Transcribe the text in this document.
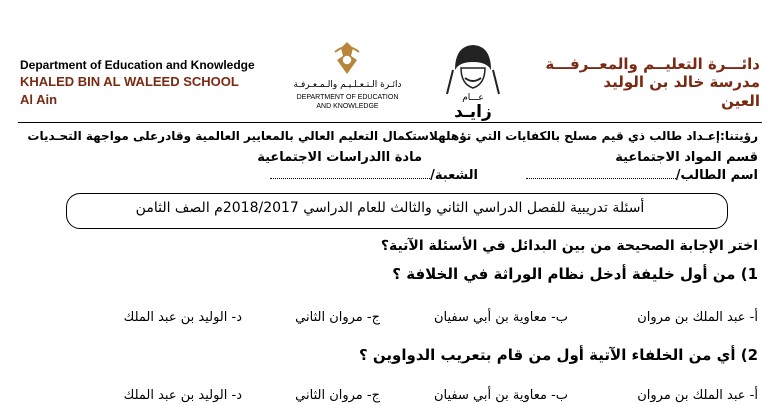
Department of Education and Knowledge
KHALED BIN AL WALEED SCHOOL
Al Ain
دائـرة الـتـعـلـيـم والـمـعـرفـة
DEPARTMENT OF EDUCATION
AND KNOWLEDGE
عـــام
زايـد
دائـــرة التعليــم والمعــرفـــة
مدرسة خالد بن الوليد
العين
رؤيتنا:إعـداد طالب ذي قيم مسلح بالكفايات التي تؤهلهلاستكمال التعليم العالي بالمعايير العالمية وقادرعلى مواجهة التحـديات
قسم المواد الاجتماعية
مادة االدراسات الاجتماعية
اسم الطالب/
الشعبة/
أسئلة تدريبية للفصل الدراسي الثاني والثالث للعام الدراسي 2018/2017م الصف الثامن
اختر الإجابة الصحيحة من بين البدائل في الأسئلة الآتية؟
1) من أول خليفة أدخل نظام الوراثة في الخلافة ؟
أ- عبد الملك بن مروان
ب- معاوية بن أبي سفيان
ج- مروان الثاني
د- الوليد بن عبد الملك
2) أي من الخلفاء الآتية أول من قام بتعريب الدواوين ؟
أ- عبد الملك بن مروان
ب- معاوية بن أبي سفيان
ج- مروان الثاني
د- الوليد بن عبد الملك
